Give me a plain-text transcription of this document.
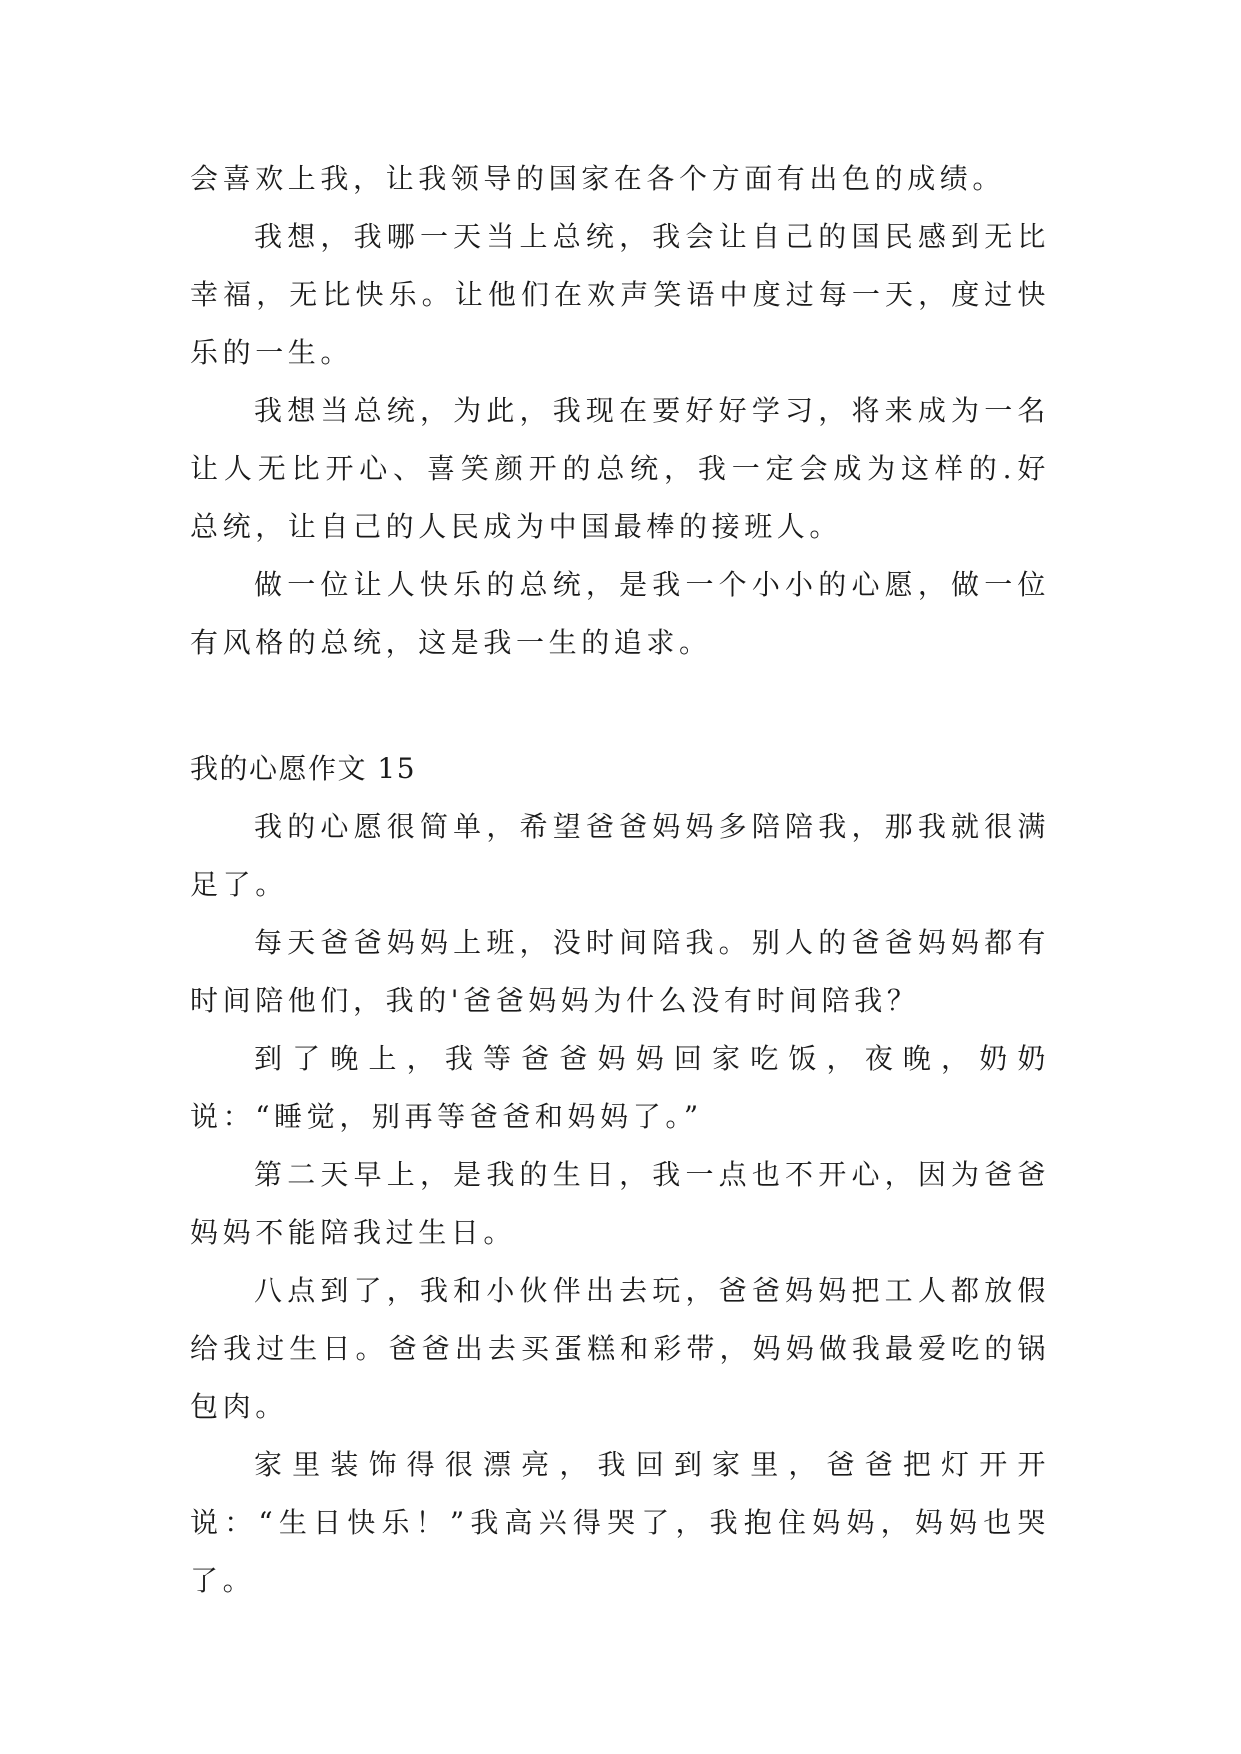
会喜欢上我，让我领导的国家在各个方面有出色的成绩。

我想，我哪一天当上总统，我会让自己的国民感到无比幸福，无比快乐。让他们在欢声笑语中度过每一天，度过快乐的一生。

我想当总统，为此，我现在要好好学习，将来成为一名让人无比开心、喜笑颜开的总统，我一定会成为这样的.好总统，让自己的人民成为中国最棒的接班人。

做一位让人快乐的总统，是我一个小小的心愿，做一位有风格的总统，这是我一生的追求。

我的心愿作文 15

我的心愿很简单，希望爸爸妈妈多陪陪我，那我就很满足了。

每天爸爸妈妈上班，没时间陪我。别人的爸爸妈妈都有时间陪他们，我的'爸爸妈妈为什么没有时间陪我？

到了晚上，我等爸爸妈妈回家吃饭，夜晚，奶奶说：“睡觉，别再等爸爸和妈妈了。”

第二天早上，是我的生日，我一点也不开心，因为爸爸妈妈不能陪我过生日。

八点到了，我和小伙伴出去玩，爸爸妈妈把工人都放假给我过生日。爸爸出去买蛋糕和彩带，妈妈做我最爱吃的锅包肉。

家里装饰得很漂亮，我回到家里，爸爸把灯开开说：“生日快乐！”我高兴得哭了，我抱住妈妈，妈妈也哭了。
